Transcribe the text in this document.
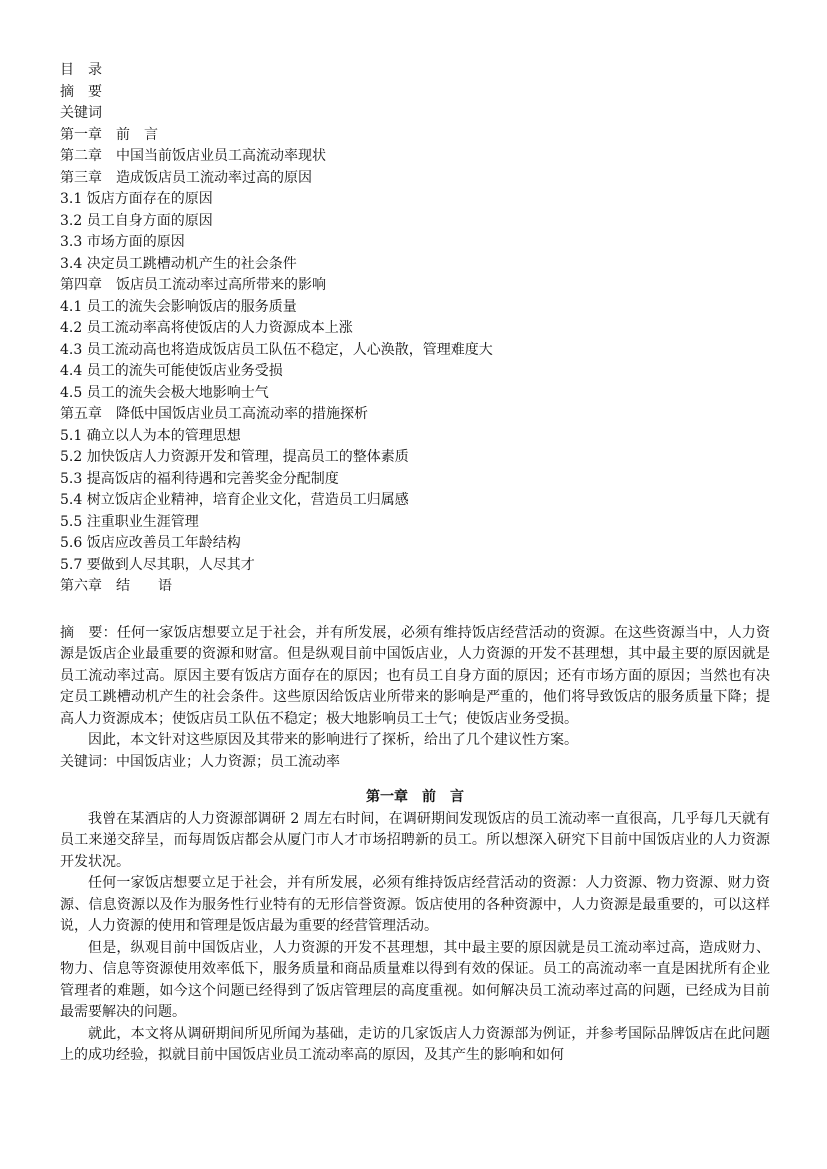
目　录
摘　要
关键词
第一章　前　言
第二章　中国当前饭店业员工高流动率现状
第三章　造成饭店员工流动率过高的原因
3.1 饭店方面存在的原因
3.2 员工自身方面的原因
3.3 市场方面的原因
3.4 决定员工跳槽动机产生的社会条件
第四章　饭店员工流动率过高所带来的影响
4.1 员工的流失会影响饭店的服务质量
4.2 员工流动率高将使饭店的人力资源成本上涨
4.3 员工流动高也将造成饭店员工队伍不稳定，人心涣散，管理难度大
4.4 员工的流失可能使饭店业务受损
4.5 员工的流失会极大地影响士气
第五章　降低中国饭店业员工高流动率的措施探析
5.1 确立以人为本的管理思想
5.2 加快饭店人力资源开发和管理，提高员工的整体素质
5.3 提高饭店的福利待遇和完善奖金分配制度
5.4 树立饭店企业精神，培育企业文化，营造员工归属感
5.5 注重职业生涯管理
5.6 饭店应改善员工年龄结构
5.7 要做到人尽其职，人尽其才
第六章　结　　语

摘　要：任何一家饭店想要立足于社会，并有所发展，必须有维持饭店经营活动的资源。在这些资源当中，人力资源是饭店企业最重要的资源和财富。但是纵观目前中国饭店业，人力资源的开发不甚理想，其中最主要的原因就是员工流动率过高。原因主要有饭店方面存在的原因；也有员工自身方面的原因；还有市场方面的原因；当然也有决定员工跳槽动机产生的社会条件。这些原因给饭店业所带来的影响是严重的，他们将导致饭店的服务质量下降；提高人力资源成本；使饭店员工队伍不稳定；极大地影响员工士气；使饭店业务受损。

因此，本文针对这些原因及其带来的影响进行了探析，给出了几个建议性方案。

关键词：中国饭店业；人力资源；员工流动率

第一章　前　言

我曾在某酒店的人力资源部调研 2 周左右时间，在调研期间发现饭店的员工流动率一直很高，几乎每几天就有员工来递交辞呈，而每周饭店都会从厦门市人才市场招聘新的员工。所以想深入研究下目前中国饭店业的人力资源开发状况。

任何一家饭店想要立足于社会，并有所发展，必须有维持饭店经营活动的资源：人力资源、物力资源、财力资源、信息资源以及作为服务性行业特有的无形信誉资源。饭店使用的各种资源中，人力资源是最重要的，可以这样说，人力资源的使用和管理是饭店最为重要的经营管理活动。

但是，纵观目前中国饭店业，人力资源的开发不甚理想，其中最主要的原因就是员工流动率过高，造成财力、物力、信息等资源使用效率低下，服务质量和商品质量难以得到有效的保证。员工的高流动率一直是困扰所有企业管理者的难题，如今这个问题已经得到了饭店管理层的高度重视。如何解决员工流动率过高的问题，已经成为目前最需要解决的问题。

就此，本文将从调研期间所见所闻为基础，走访的几家饭店人力资源部为例证，并参考国际品牌饭店在此问题上的成功经验，拟就目前中国饭店业员工流动率高的原因，及其产生的影响和如何
